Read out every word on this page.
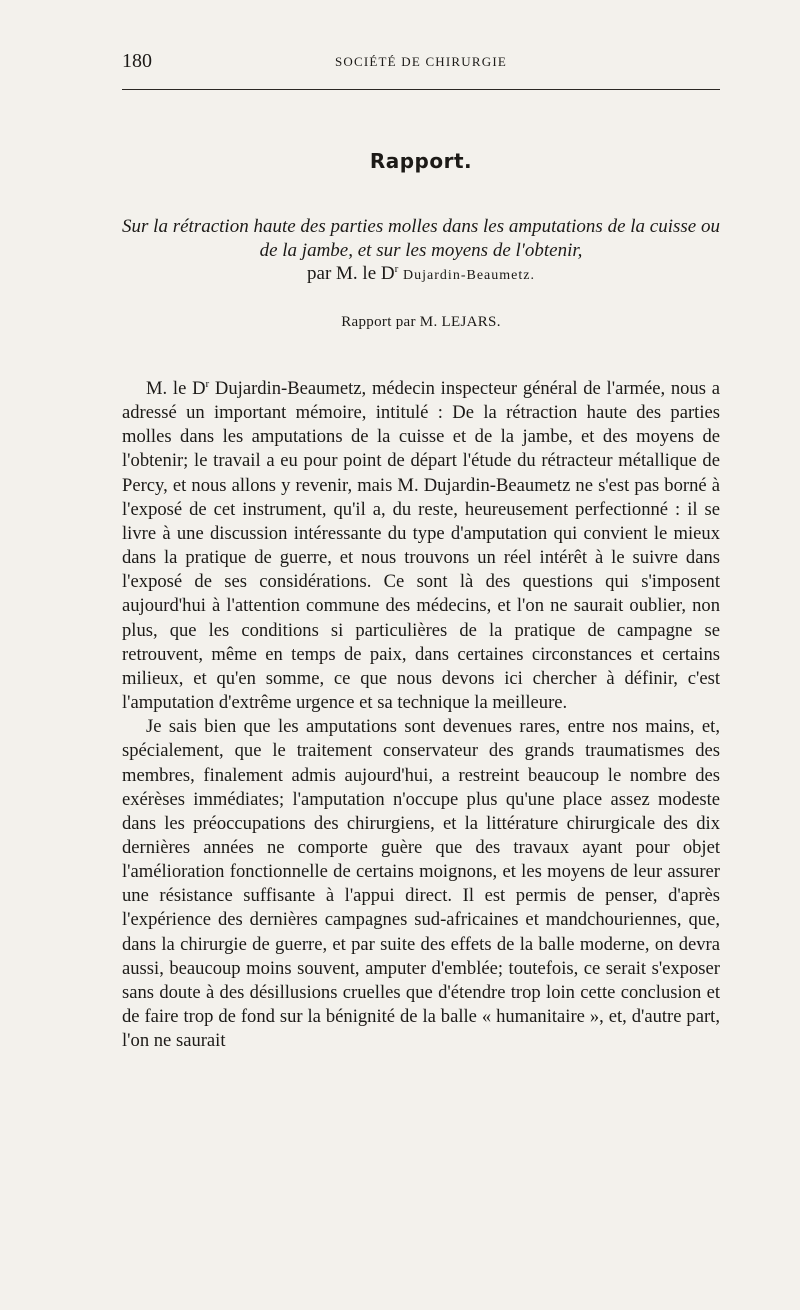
180	SOCIÉTÉ DE CHIRURGIE
Rapport.
Sur la rétraction haute des parties molles dans les amputations de la cuisse ou de la jambe, et sur les moyens de l'obtenir,
par M. le $D^r$ Dujardin-Beaumetz.
Rapport par M. LEJARS.

M. le $D^r$ Dujardin-Beaumetz, médecin inspecteur général de l'armée, nous a adressé un important mémoire, intitulé : De la rétraction haute des parties molles dans les amputations de la cuisse et de la jambe, et des moyens de l'obtenir; le travail a eu pour point de départ l'étude du rétracteur métallique de Percy, et nous allons y revenir, mais M. Dujardin-Beaumetz ne s'est pas borné à l'exposé de cet instrument, qu'il a, du reste, heureusement perfectionné : il se livre à une discussion intéressante du type d'amputation qui convient le mieux dans la pratique de guerre, et nous trouvons un réel intérêt à le suivre dans l'exposé de ses considérations. Ce sont là des questions qui s'imposent aujourd'hui à l'attention commune des médecins, et l'on ne saurait oublier, non plus, que les conditions si particulières de la pratique de campagne se retrouvent, même en temps de paix, dans certaines circonstances et certains milieux, et qu'en somme, ce que nous devons ici chercher à définir, c'est l'amputation d'extrême urgence et sa technique la meilleure.

Je sais bien que les amputations sont devenues rares, entre nos mains, et, spécialement, que le traitement conservateur des grands traumatismes des membres, finalement admis aujourd'hui, a restreint beaucoup le nombre des exérèses immédiates; l'amputation n'occupe plus qu'une place assez modeste dans les préoccupations des chirurgiens, et la littérature chirurgicale des dix dernières années ne comporte guère que des travaux ayant pour objet l'amélioration fonctionnelle de certains moignons, et les moyens de leur assurer une résistance suffisante à l'appui direct. Il est permis de penser, d'après l'expérience des dernières campagnes sud-africaines et mandchouriennes, que, dans la chirurgie de guerre, et par suite des effets de la balle moderne, on devra aussi, beaucoup moins souvent, amputer d'emblée; toutefois, ce serait s'exposer sans doute à des désillusions cruelles que d'étendre trop loin cette conclusion et de faire trop de fond sur la bénignité de la balle « humanitaire », et, d'autre part, l'on ne saurait
